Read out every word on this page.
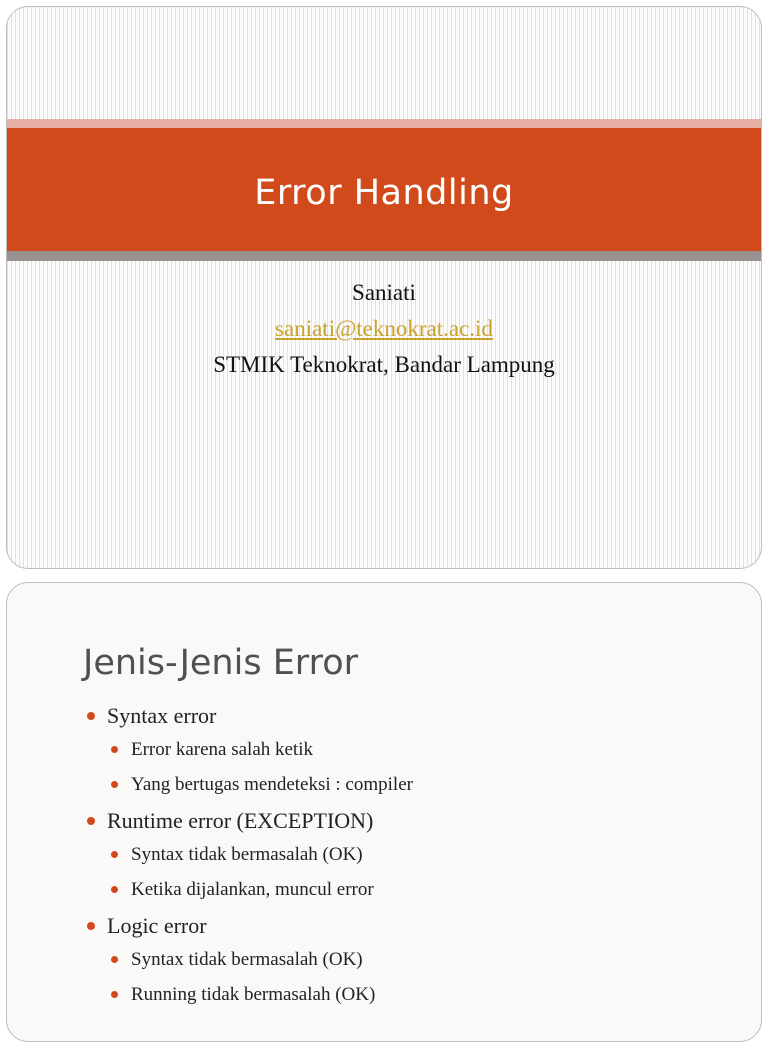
Error Handling
Saniati
saniati@teknokrat.ac.id
STMIK Teknokrat, Bandar Lampung
Jenis-Jenis Error
Syntax error
Error karena salah ketik
Yang bertugas mendeteksi : compiler
Runtime error (EXCEPTION)
Syntax tidak bermasalah (OK)
Ketika dijalankan, muncul error
Logic error
Syntax tidak bermasalah (OK)
Running tidak bermasalah (OK)
